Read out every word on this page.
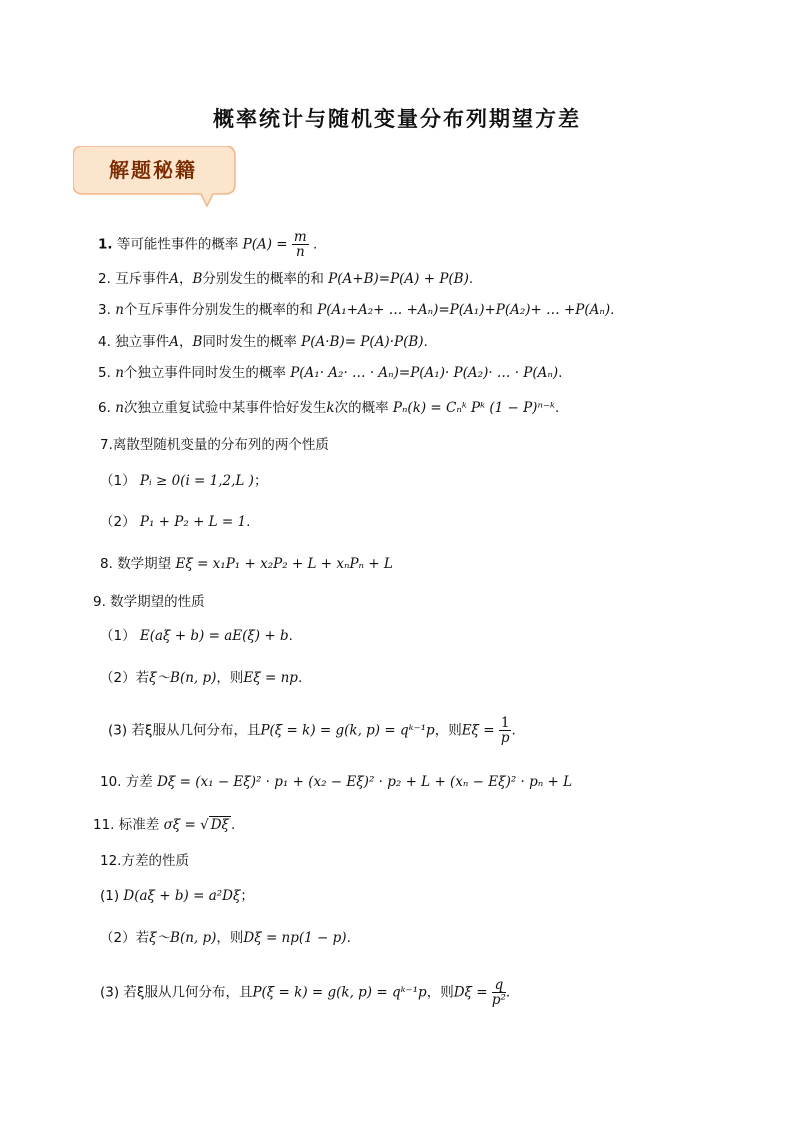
概率统计与随机变量分布列期望方差
解题秘籍
1. 等可能性事件的概率 $P(A) = \frac{m}{n}$ .
2. 互斥事件A，B分别发生的概率的和 P(A+B)=P(A) + P(B).
3. n个互斥事件分别发生的概率的和 P(A₁+A₂+ … +Aₙ)=P(A₁)+P(A₂)+ … +P(Aₙ).
4. 独立事件A，B同时发生的概率 P(A·B)= P(A)·P(B).
5. n个独立事件同时发生的概率 P(A₁· A₂· … · Aₙ)=P(A₁)· P(A₂)· … · P(Aₙ).
6. n次独立重复试验中某事件恰好发生k次的概率 Pₙ(k) = Cₙᵏ Pᵏ (1 − P)ⁿ⁻ᵏ.
7.离散型随机变量的分布列的两个性质
（1） Pᵢ ≥ 0(i = 1,2,L )；
（2） P₁ + P₂ + L = 1.
8. 数学期望 Eξ = x₁P₁ + x₂P₂ + L + xₙPₙ + L
9. 数学期望的性质
（1） E(aξ + b) = aE(ξ) + b.
（2）若ξ～B(n, p)，则Eξ = np.
(3) 若ξ服从几何分布，且P(ξ = k) = g(k, p) = qᵏ⁻¹p，则$E\xi = \frac{1}{p}$ .
10. 方差 Dξ = (x₁ − Eξ)² · p₁ + (x₂ − Eξ)² · p₂ + L + (xₙ − Eξ)² · pₙ + L
11. 标准差 σξ = √ Dξ .
12.方差的性质
(1) D(aξ + b) = a²Dξ；
（2）若ξ～B(n, p)，则Dξ = np(1 − p).
(3) 若ξ服从几何分布，且P(ξ = k) = g(k, p) = qᵏ⁻¹p，则$D\xi = \frac{q}{\text{p²}}$ .
